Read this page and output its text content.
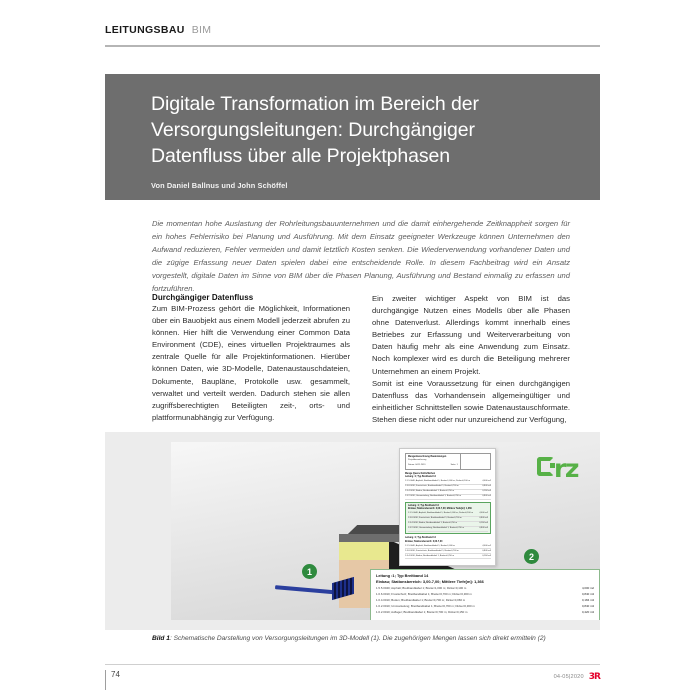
LEITUNGSBAU BIM
Digitale Transformation im Bereich der
Versorgungsleitungen: Durchgängiger
Datenfluss über alle Projektphasen
Von Daniel Ballnus und John Schöffel
Die momentan hohe Auslastung der Rohrleitungsbauunternehmen und die damit einhergehende Zeitknappheit sorgen für ein hohes Fehlerrisiko bei Planung und Ausführung. Mit dem Einsatz geeigneter Werkzeuge können Unternehmen den Aufwand reduzieren, Fehler vermeiden und damit letztlich Kosten senken. Die Wiederverwendung vorhandener Daten und die zügige Erfassung neuer Daten spielen dabei eine entscheidende Rolle. In diesem Fachbeitrag wird ein Ansatz vorgestellt, digitale Daten im Sinne von BIM über die Phasen Planung, Ausführung und Bestand einmalig zu erfassen und fortzuführen.
Durchgängiger Datenfluss

Zum BIM-Prozess gehört die Möglichkeit, Informationen über ein Bauobjekt aus einem Modell jederzeit abrufen zu können. Hier hilft die Verwendung einer Common Data Environment (CDE), eines virtuellen Projektraumes als zentrale Quelle für alle Projektinformationen. Hierüber können Daten, wie 3D-Modelle, Datenaustauschdateien, Dokumente, Baupläne, Protokolle usw. gesammelt, verwaltet und verteilt werden. Dadurch stehen sie allen zugriffsberechtigten Beteiligten zeit-, orts- und plattformunabhängig zur Verfügung.

Ein zweiter wichtiger Aspekt von BIM ist das durchgängige Nutzen eines Modells über alle Phasen ohne Datenverlust. Allerdings kommt innerhalb eines Betriebes zur Erfassung und Weiterverarbeitung von Daten häufig mehr als eine Anwendung zum Einsatz. Noch komplexer wird es durch die Beteiligung mehrerer Unternehmen an einem Projekt.

Somit ist eine Voraussetzung für einen durchgängigen Datenfluss das Vorhandensein allgemeingültiger und einheitlicher Schnittstellen sowie Datenaustauschformate. Stehen diese nicht oder nur unzureichend zur Verfügung,

1
2
Mengenberechnung Bauleistungen
Projektbezeichnung
Datum: 04.11.2019	Seite: 1
Menge Querschnittsflächen
Leitung :1; Typ Breitband 14
1.5.5.0040; Asphalt; Breitbandkabel 1; Breite=1,000 m; Dicke=0,100 m	4,000 m2
1.6.6.0010; Frostschutz; Breitbandkabel 1; Breite=0,700 m	0,840 m3
1.6.4.0010; Boden; Breitbandkabel 1; Breite=0,700 m	0,184 m3
1.6.2.0010; Ummantelung; Breitbandkabel 1; Breite=0,700 m	0,840 m3
Leitung :1; Typ Breitband 14
Einbau; Stationsbereich: 3,00-7,00; Mittlere Tiefe[m]: 1,366
1.5.5.0040; Asphalt; Breitbandkabel 1; Breite=1,000 m; Dicke=0,100 m	4,000 m2
1.6.6.0010; Frostschutz; Breitbandkabel 1; Breite=0,700 m	0,840 m3
1.6.4.0010; Boden; Breitbandkabel 1; Breite=0,700 m	0,184 m3
1.6.2.0010; Ummantelung; Breitbandkabel 1; Breite=0,700 m	0,840 m3
Leitung :1; Typ Breitband 14
Einbau; Stationsbereich: 3,00-7,00
1.5.5.0040; Asphalt; Breitbandkabel 1; Breite=1,000 m	4,000 m2
1.6.6.0010; Frostschutz; Breitbandkabel 1; Breite=0,700 m	0,840 m3
1.6.4.0010; Boden; Breitbandkabel 1; Breite=0,700 m	0,184 m3
rz
Leitung :1; Typ Breitband 14
Einbau; Stationsbereich: 3,00-7,00; Mittlere Tiefe[m]: 1,366
1.5.5.0040; Asphalt; Breitbandkabel 1; Breite=1,000 m; Dicke=0,100 m	4,000 m2
1.6.6.0010; Frostschutz; Breitbandkabel 1; Breite=0,700 m; Dicke=0,300 m	0,840 m3
1.6.4.0010; Boden; Breitbandkabel 1; Breite=0,700 m; Dicke=0,066 m	0,184 m3
1.6.2.0010; Ummantelung; Breitbandkabel 1; Breite=0,700 m; Dicke=0,300 m	0,840 m3
1.6.2.0010; Auflager; Breitbandkabel 1; Breite=0,700 m; Dicke=0,150 m	0,420 m3
Bild 1: Schematische Darstellung von Versorgungsleitungen im 3D-Modell (1). Die zugehörigen Mengen lassen sich direkt ermitteln (2)
74	04-05|2020 3R
